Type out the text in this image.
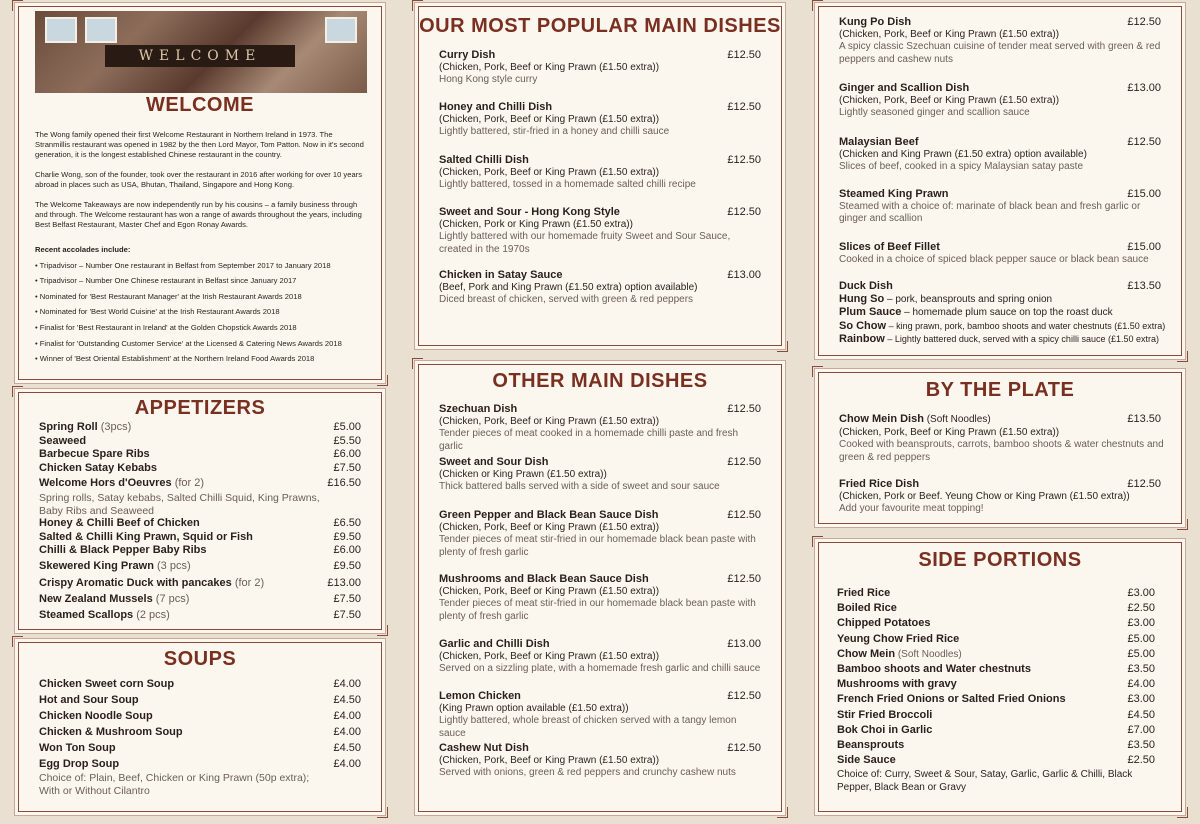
WELCOME
WELCOME
The Wong family opened their first Welcome Restaurant in Northern Ireland in 1973. The Stranmillis restaurant was opened in 1982 by the then Lord Mayor, Tom Patton. Now in it's second generation, it is the longest established Chinese restaurant in the country.
Charlie Wong, son of the founder, took over the restaurant in 2016 after working for over 10 years abroad in places such as USA, Bhutan, Thailand, Singapore and Hong Kong.
The Welcome Takeaways are now independently run by his cousins – a family business through and through. The Welcome restaurant has won a range of awards throughout the years, including Best Belfast Restaurant, Master Chef and Egon Ronay Awards.
Recent accolades include:
• Tripadvisor – Number One restaurant in Belfast from September 2017 to January 2018
• Tripadvisor – Number One Chinese restaurant in Belfast since January 2017
• Nominated for 'Best Restaurant Manager' at the Irish Restaurant Awards 2018
• Nominated for 'Best World Cuisine' at the Irish Restaurant Awards 2018
• Finalist for 'Best Restaurant in Ireland' at the Golden Chopstick Awards 2018
• Finalist for 'Outstanding Customer Service' at the Licensed & Catering News Awards 2018
• Winner of 'Best Oriental Establishment' at the Northern Ireland Food Awards 2018
APPETIZERS
Spring Roll (3pcs)	£5.00
Seaweed	£5.50
Barbecue Spare Ribs	£6.00
Chicken Satay Kebabs	£7.50
Welcome Hors d'Oeuvres (for 2)	£16.50
Spring rolls, Satay kebabs, Salted Chilli Squid, King Prawns, Baby Ribs and Seaweed
Honey & Chilli Beef of Chicken	£6.50
Salted & Chilli King Prawn, Squid or Fish	£9.50
Chilli & Black Pepper Baby Ribs	£6.00
Skewered King Prawn (3 pcs)	£9.50
Crispy Aromatic Duck with pancakes (for 2)	£13.00
New Zealand Mussels (7 pcs)	£7.50
Steamed Scallops (2 pcs)	£7.50
SOUPS
Chicken Sweet corn Soup	£4.00
Hot and Sour Soup	£4.50
Chicken Noodle Soup	£4.00
Chicken & Mushroom Soup	£4.00
Won Ton Soup	£4.50
Egg Drop Soup	£4.00
Choice of: Plain, Beef, Chicken or King Prawn (50p extra); With or Without Cilantro
OUR MOST POPULAR MAIN DISHES
Curry Dish	£12.50
(Chicken, Pork, Beef or King Prawn (£1.50 extra))
Hong Kong style curry
Honey and Chilli Dish	£12.50
(Chicken, Pork, Beef or King Prawn (£1.50 extra))
Lightly battered, stir-fried in a honey and chilli sauce
Salted Chilli Dish	£12.50
(Chicken, Pork, Beef or King Prawn (£1.50 extra))
Lightly battered, tossed in a homemade salted chilli recipe
Sweet and Sour - Hong Kong Style	£12.50
(Chicken, Pork or King Prawn (£1.50 extra))
Lightly battered with our homemade fruity Sweet and Sour Sauce, created in the 1970s
Chicken in Satay Sauce	£13.00
(Beef, Pork and King Prawn (£1.50 extra) option available)
Diced breast of chicken, served with green & red peppers
OTHER MAIN DISHES
Szechuan Dish	£12.50
(Chicken, Pork, Beef or King Prawn (£1.50 extra))
Tender pieces of meat cooked in a homemade chilli paste and fresh garlic
Sweet and Sour Dish	£12.50
(Chicken or King Prawn (£1.50 extra))
Thick battered balls served with a side of sweet and sour sauce
Green Pepper and Black Bean Sauce Dish	£12.50
(Chicken, Pork, Beef or King Prawn (£1.50 extra))
Tender pieces of meat stir-fried in our homemade black bean paste with plenty of fresh garlic
Mushrooms and Black Bean Sauce Dish	£12.50
(Chicken, Pork, Beef or King Prawn (£1.50 extra))
Tender pieces of meat stir-fried in our homemade black bean paste with plenty of fresh garlic
Garlic and Chilli Dish	£13.00
(Chicken, Pork, Beef or King Prawn (£1.50 extra))
Served on a sizzling plate, with a homemade fresh garlic and chilli sauce
Lemon Chicken	£12.50
(King Prawn option available (£1.50 extra))
Lightly battered, whole breast of chicken served with a tangy lemon sauce
Cashew Nut Dish	£12.50
(Chicken, Pork, Beef or King Prawn (£1.50 extra))
Served with onions, green & red peppers and crunchy cashew nuts
Kung Po Dish	£12.50
(Chicken, Pork, Beef or King Prawn (£1.50 extra))
A spicy classic Szechuan cuisine of tender meat served with green & red peppers and cashew nuts
Ginger and Scallion Dish	£13.00
(Chicken, Pork, Beef or King Prawn (£1.50 extra))
Lightly seasoned ginger and scallion sauce
Malaysian Beef	£12.50
(Chicken and King Prawn (£1.50 extra) option available)
Slices of beef, cooked in a spicy Malaysian satay paste
Steamed King Prawn	£15.00
Steamed with a choice of: marinate of black bean and fresh garlic or ginger and scallion
Slices of Beef Fillet	£15.00
Cooked in a choice of spiced black pepper sauce or black bean sauce
Duck Dish	£13.50
Hung So – pork, beansprouts and spring onion
Plum Sauce – homemade plum sauce on top the roast duck
So Chow – king prawn, pork, bamboo shoots and water chestnuts (£1.50 extra)
Rainbow – Lightly battered duck, served with a spicy chilli sauce (£1.50 extra)
BY THE PLATE
Chow Mein Dish (Soft Noodles)	£13.50
(Chicken, Pork, Beef or King Prawn (£1.50 extra))
Cooked with beansprouts, carrots, bamboo shoots & water chestnuts and green & red peppers
Fried Rice Dish	£12.50
(Chicken, Pork or Beef. Yeung Chow or King Prawn (£1.50 extra))
Add your favourite meat topping!
SIDE PORTIONS
Fried Rice	£3.00
Boiled Rice	£2.50
Chipped Potatoes	£3.00
Yeung Chow Fried Rice	£5.00
Chow Mein (Soft Noodles)	£5.00
Bamboo shoots and Water chestnuts	£3.50
Mushrooms with gravy	£4.00
French Fried Onions or Salted Fried Onions	£3.00
Stir Fried Broccoli	£4.50
Bok Choi in Garlic	£7.00
Beansprouts	£3.50
Side Sauce	£2.50
Choice of: Curry, Sweet & Sour, Satay, Garlic, Garlic & Chilli, Black Pepper, Black Bean or Gravy
